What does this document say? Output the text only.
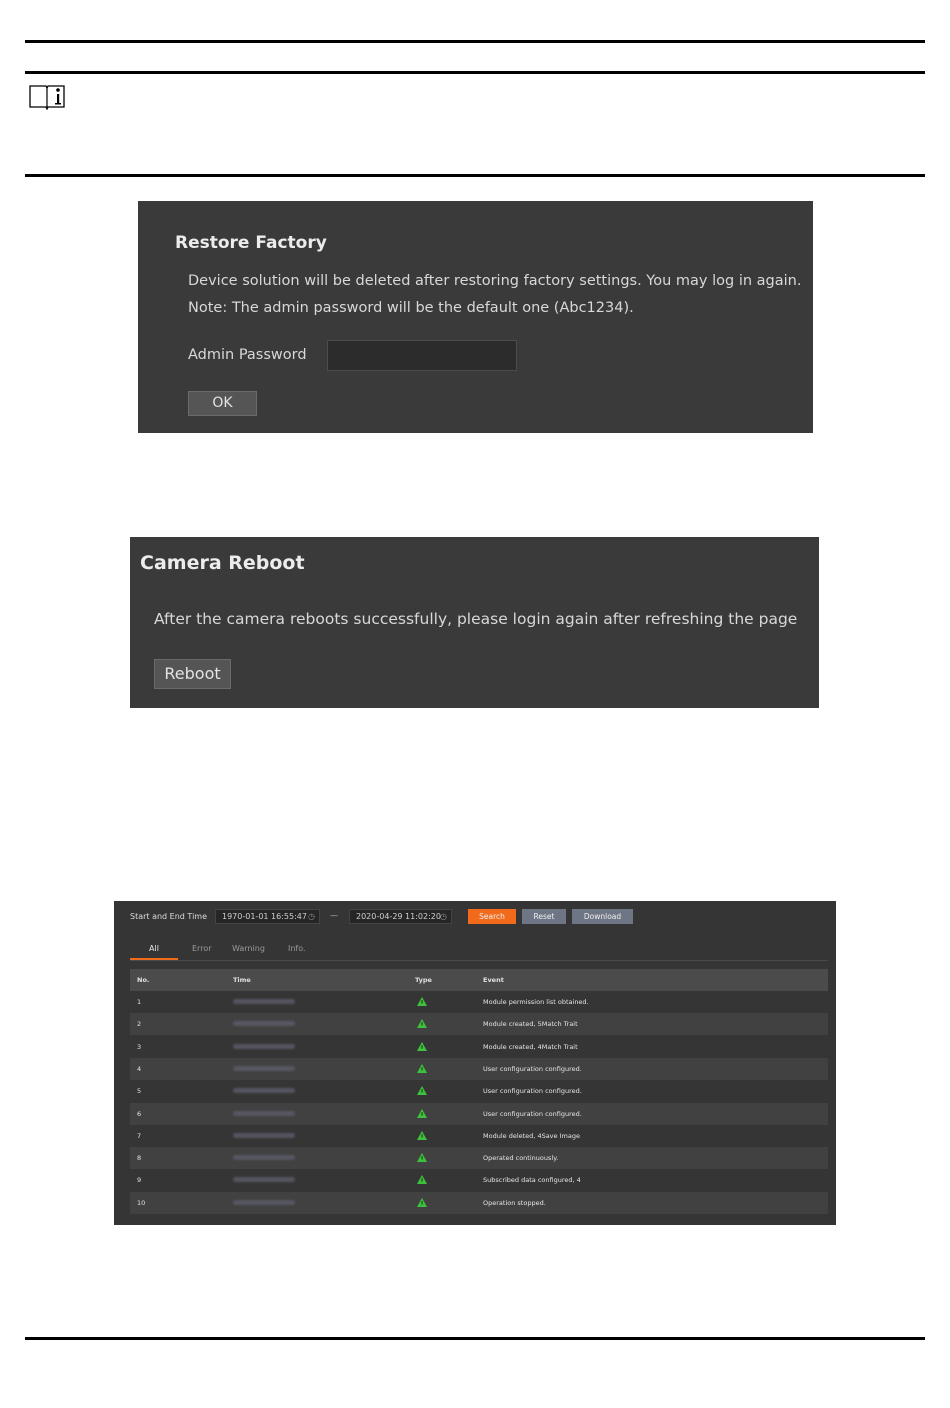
Restore Factory
Device solution will be deleted after restoring factory settings. You may log in again.
Note: The admin password will be the default one (Abc1234).
Admin Password
OK
Camera Reboot
After the camera reboots successfully, please login again after refreshing the page
Reboot
Start and End Time	1970-01-01 16:55:47 ◷ —	2020-04-29 11:02:20 ◷	Search	Reset	Download
All	Error	Warning	Info.
No.	Time	Type	Event
1	Module permission list obtained.
2	Module created, 5Match Trait
3	Module created, 4Match Trait
4	User configuration configured.
5	User configuration configured.
6	User configuration configured.
7	Module deleted, 4Save Image
8	Operated continuously.
9	Subscribed data configured, 4
10	Operation stopped.
